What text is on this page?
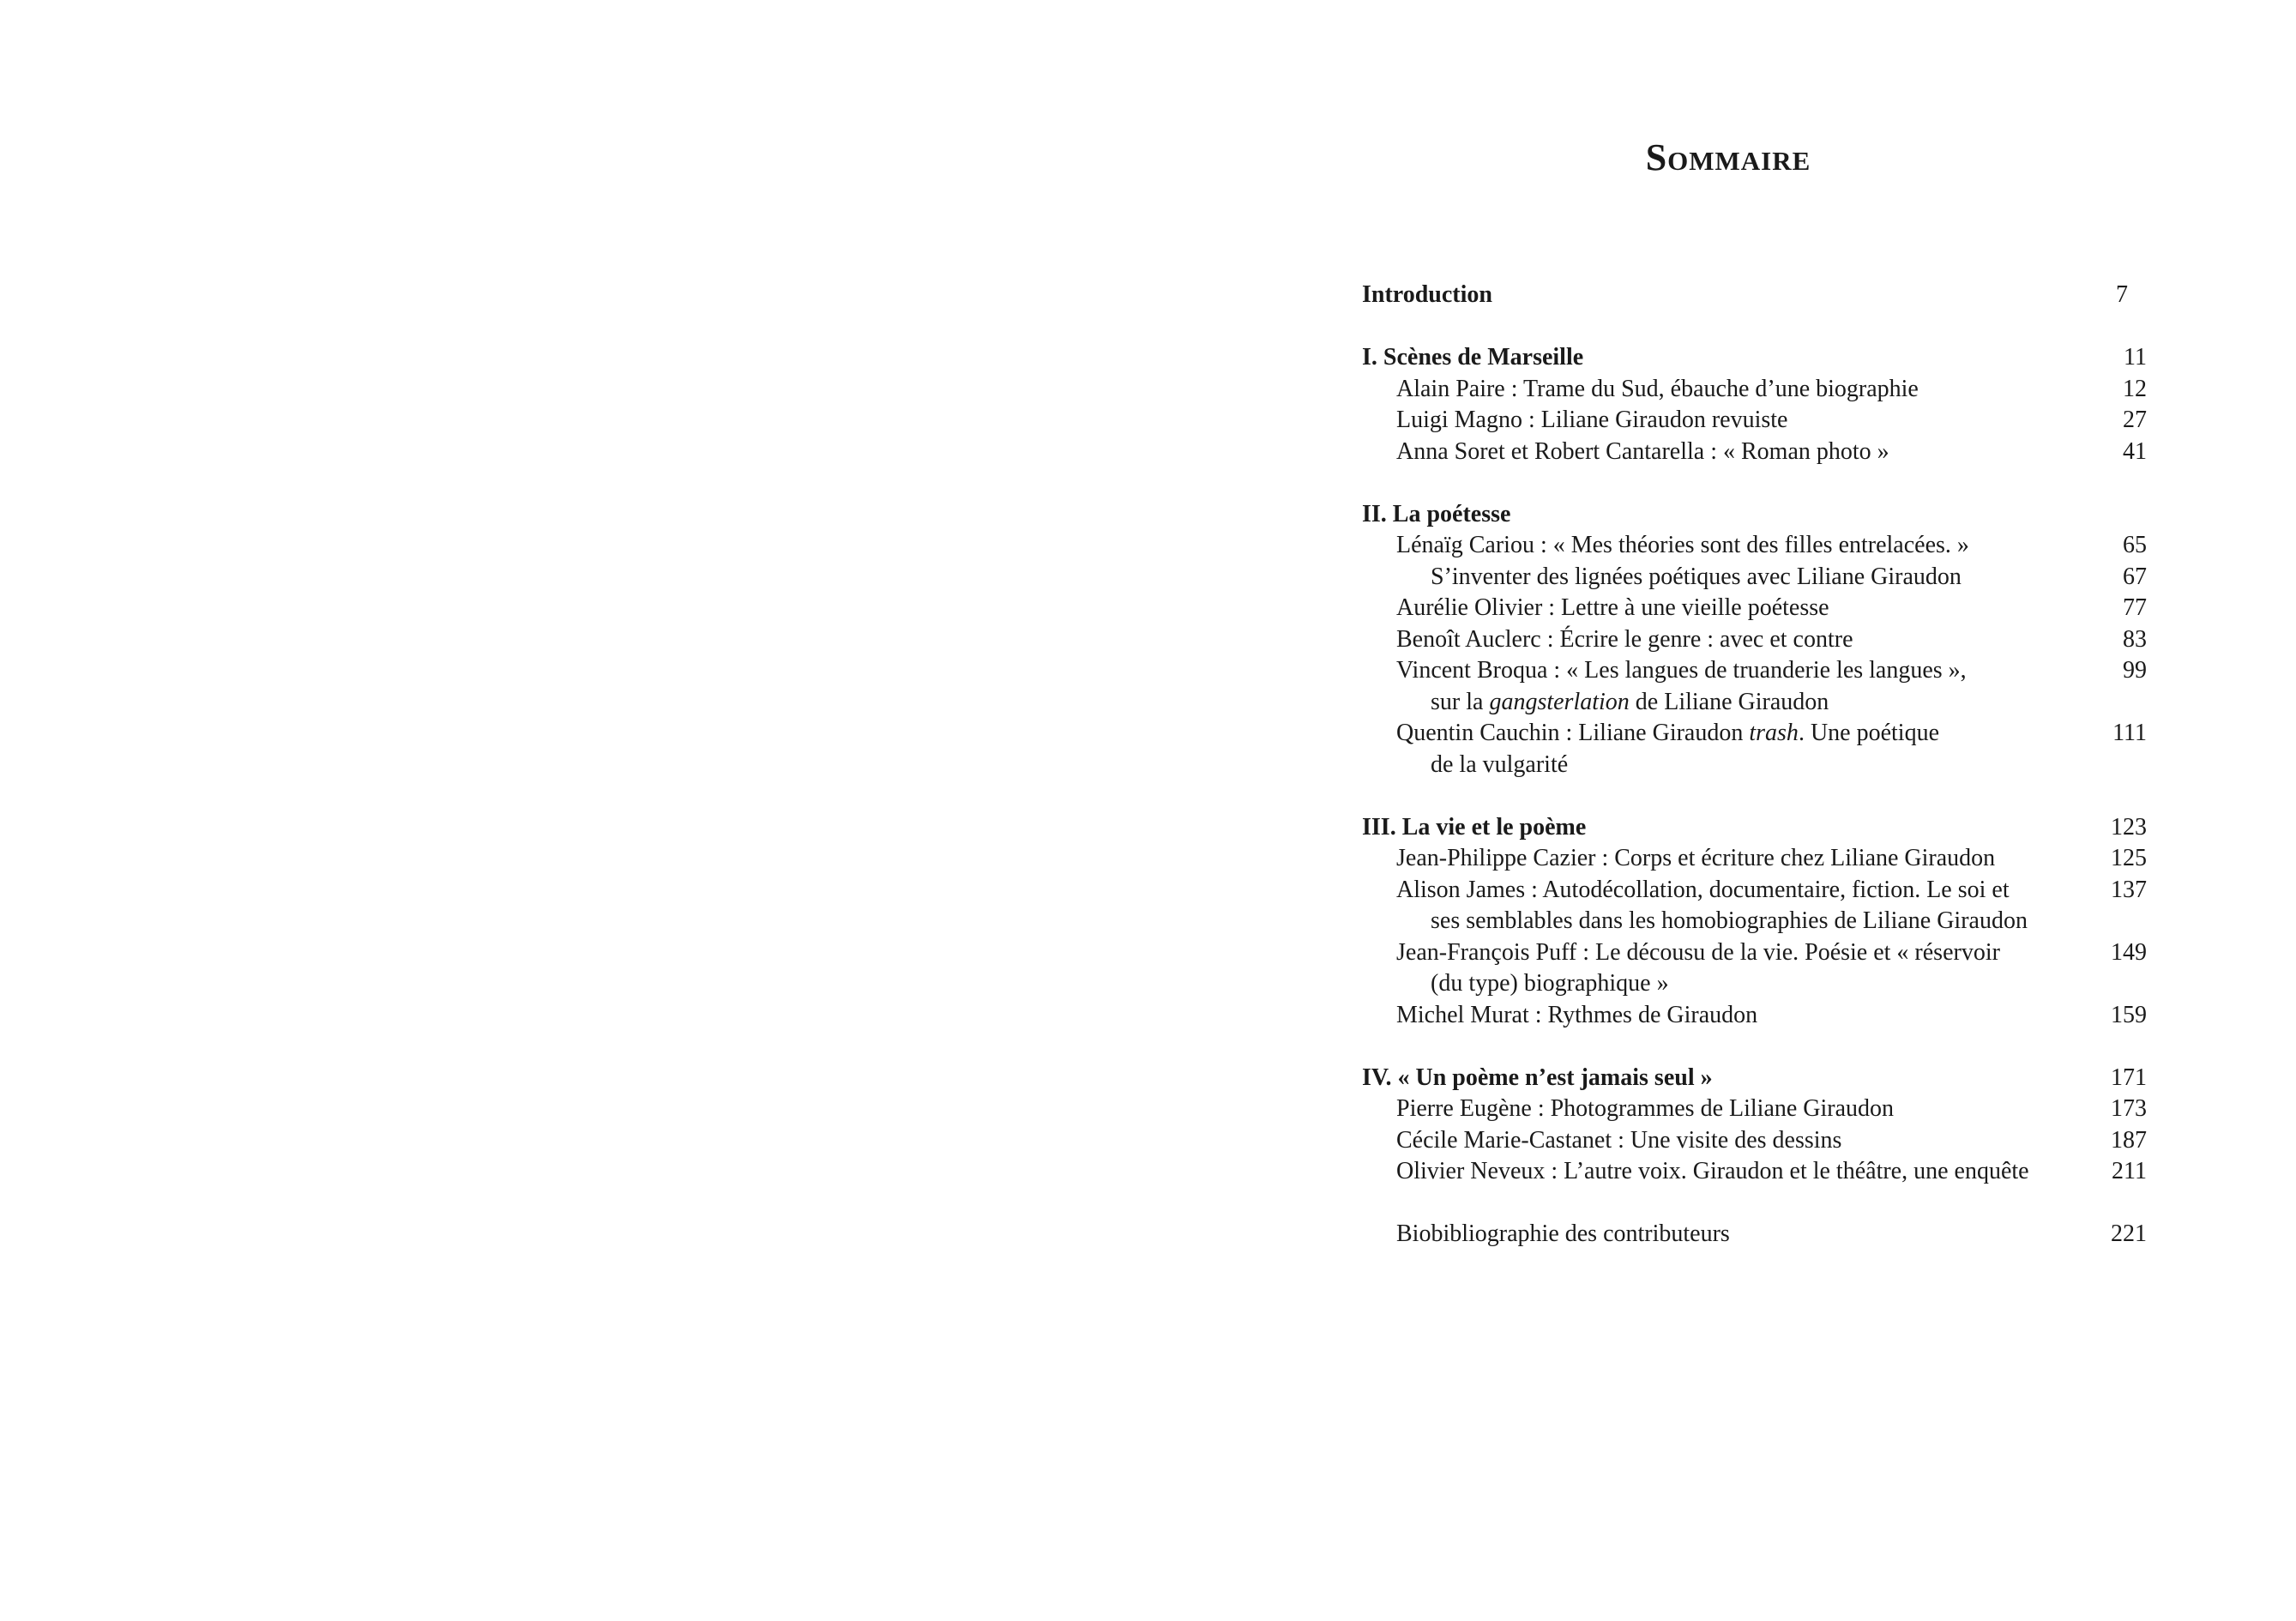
Sommaire
Introduction	7
I. Scènes de Marseille	11
Alain Paire : Trame du Sud, ébauche d’une biographie	12
Luigi Magno : Liliane Giraudon revuiste	27
Anna Soret et Robert Cantarella : « Roman photo »	41
II. La poétesse
Lénaïg Cariou : « Mes théories sont des filles entrelacées. »	65
S’inventer des lignées poétiques avec Liliane Giraudon	67
Aurélie Olivier : Lettre à une vieille poétesse	77
Benoît Auclerc : Écrire le genre : avec et contre	83
Vincent Broqua : « Les langues de truanderie les langues »,	99
sur la gangsterlation de Liliane Giraudon
Quentin Cauchin : Liliane Giraudon trash. Une poétique	111
de la vulgarité
III. La vie et le poème	123
Jean-Philippe Cazier : Corps et écriture chez Liliane Giraudon	125
Alison James : Autodécollation, documentaire, fiction. Le soi et	137
ses semblables dans les homobiographies de Liliane Giraudon
Jean-François Puff : Le décousu de la vie. Poésie et « réservoir	149
(du type) biographique »
Michel Murat : Rythmes de Giraudon	159
IV. « Un poème n’est jamais seul »	171
Pierre Eugène : Photogrammes de Liliane Giraudon	173
Cécile Marie-Castanet : Une visite des dessins	187
Olivier Neveux : L’autre voix. Giraudon et le théâtre, une enquête	211
Biobibliographie des contributeurs	221
